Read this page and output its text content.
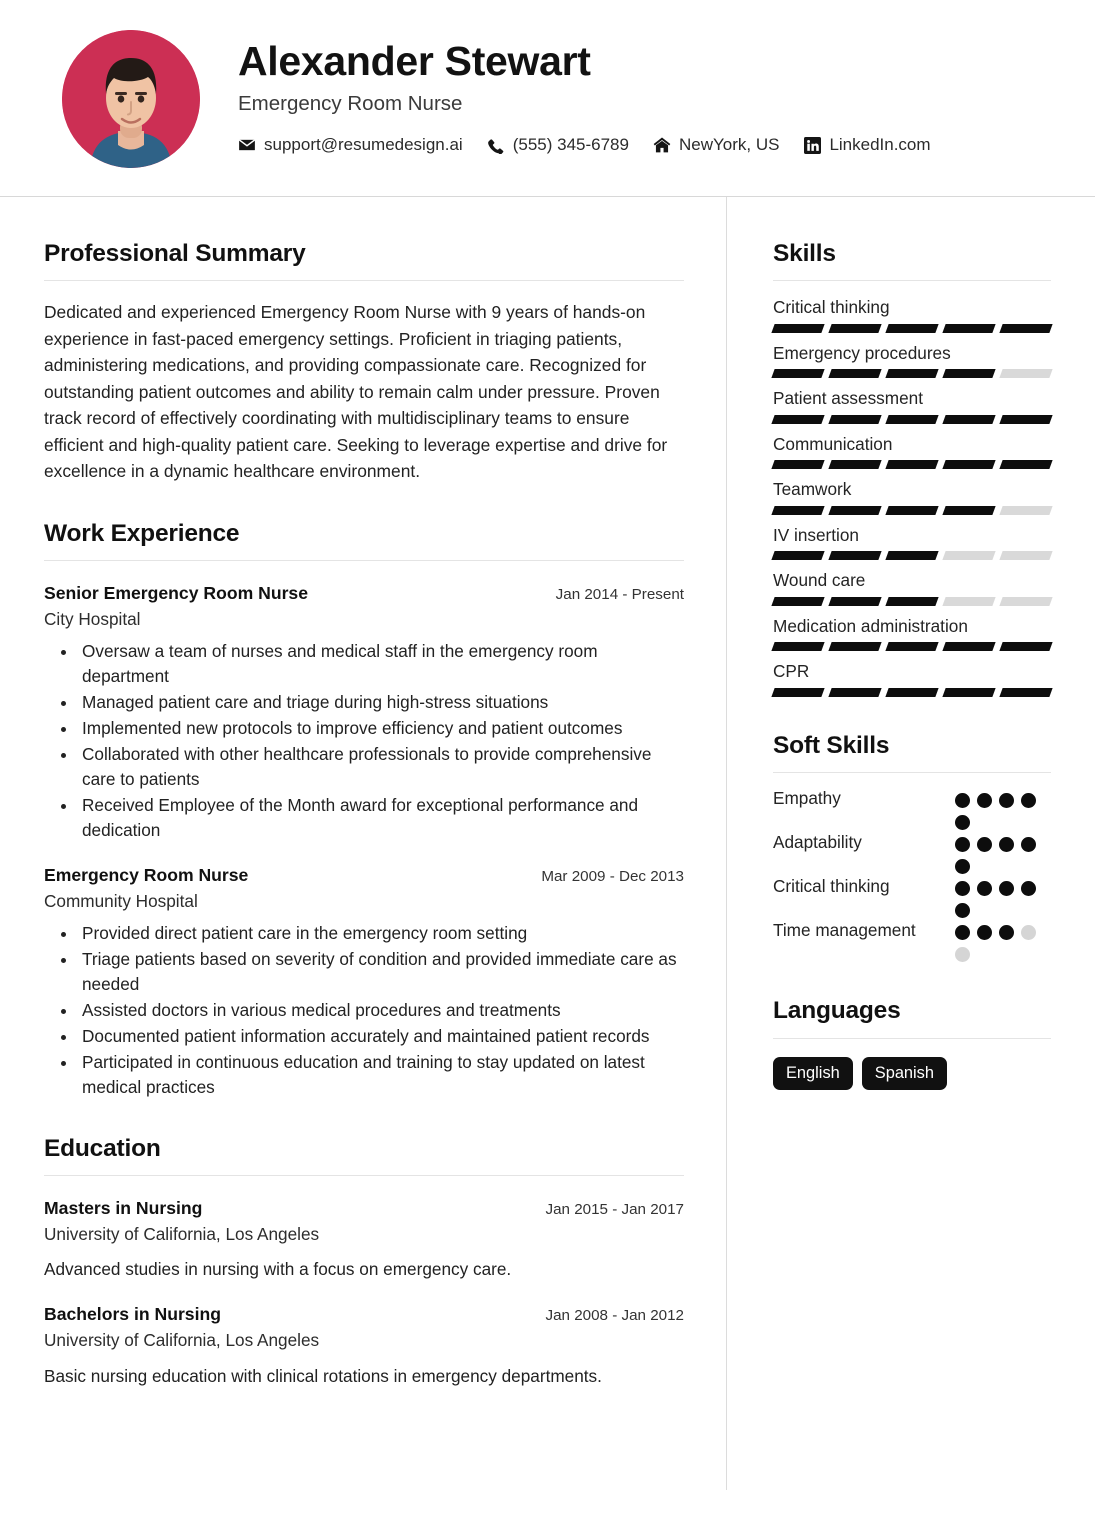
Alexander Stewart
Emergency Room Nurse
support@resumedesign.ai	(555) 345-6789	NewYork, US	LinkedIn.com
Professional Summary

Dedicated and experienced Emergency Room Nurse with 9 years of hands-on experience in fast-paced emergency settings. Proficient in triaging patients, administering medications, and providing compassionate care. Recognized for outstanding patient outcomes and ability to remain calm under pressure. Proven track record of effectively coordinating with multidisciplinary teams to ensure efficient and high-quality patient care. Seeking to leverage expertise and drive for excellence in a dynamic healthcare environment.

Work Experience
Senior Emergency Room Nurse	Jan 2014 - Present
City Hospital
• Oversaw a team of nurses and medical staff in the emergency room department
• Managed patient care and triage during high-stress situations
• Implemented new protocols to improve efficiency and patient outcomes
• Collaborated with other healthcare professionals to provide comprehensive care to patients
• Received Employee of the Month award for exceptional performance and dedication
Emergency Room Nurse	Mar 2009 - Dec 2013
Community Hospital
• Provided direct patient care in the emergency room setting
• Triage patients based on severity of condition and provided immediate care as needed
• Assisted doctors in various medical procedures and treatments
• Documented patient information accurately and maintained patient records
• Participated in continuous education and training to stay updated on latest medical practices
Education
Masters in Nursing	Jan 2015 - Jan 2017
University of California, Los Angeles
Advanced studies in nursing with a focus on emergency care.
Bachelors in Nursing	Jan 2008 - Jan 2012
University of California, Los Angeles
Basic nursing education with clinical rotations in emergency departments.
Skills
Critical thinking
Emergency procedures
Patient assessment
Communication
Teamwork
IV insertion
Wound care
Medication administration
CPR
Soft Skills
Empathy
Adaptability
Critical thinking
Time management
Languages
English	Spanish
